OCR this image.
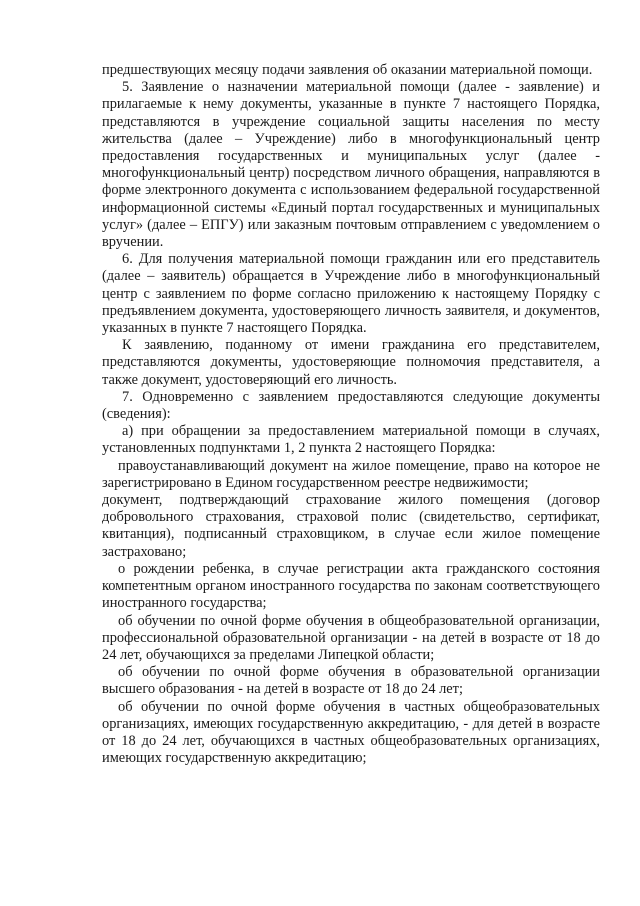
предшествующих месяцу подачи заявления об оказании материальной помощи.

5. Заявление о назначении материальной помощи (далее - заявление) и прилагаемые к нему документы, указанные в пункте 7 настоящего Порядка, представляются в учреждение социальной защиты населения по месту жительства (далее – Учреждение) либо в многофункциональный центр предоставления государственных и муниципальных услуг (далее - многофункциональный центр) посредством личного обращения, направляются в форме электронного документа с использованием федеральной государственной информационной системы «Единый портал государственных и муниципальных услуг» (далее – ЕПГУ) или заказным почтовым отправлением с уведомлением о вручении.

6. Для получения материальной помощи гражданин или его представитель (далее – заявитель) обращается в Учреждение либо в многофункциональный центр с заявлением по форме согласно приложению к настоящему Порядку с предъявлением документа, удостоверяющего личность заявителя, и документов, указанных в пункте 7 настоящего Порядка.

К заявлению, поданному от имени гражданина его представителем, представляются документы, удостоверяющие полномочия представителя, а также документ, удостоверяющий его личность.

7. Одновременно с заявлением предоставляются следующие документы (сведения):

а) при обращении за предоставлением материальной помощи в случаях, установленных подпунктами 1, 2 пункта 2 настоящего Порядка:

правоустанавливающий документ на жилое помещение, право на которое не зарегистрировано в Едином государственном реестре недвижимости;

документ, подтверждающий страхование жилого помещения (договор добровольного страхования, страховой полис (свидетельство, сертификат, квитанция), подписанный страховщиком, в случае если жилое помещение застраховано;

о рождении ребенка, в случае регистрации акта гражданского состояния компетентным органом иностранного государства по законам соответствующего иностранного государства;

об обучении по очной форме обучения в общеобразовательной организации, профессиональной образовательной организации - на детей в возрасте от 18 до 24 лет, обучающихся за пределами Липецкой области;

об обучении по очной форме обучения в образовательной организации высшего образования - на детей в возрасте от 18 до 24 лет;

об обучении по очной форме обучения в частных общеобразовательных организациях, имеющих государственную аккредитацию, - для детей в возрасте от 18 до 24 лет, обучающихся в частных общеобразовательных организациях, имеющих государственную аккредитацию;
